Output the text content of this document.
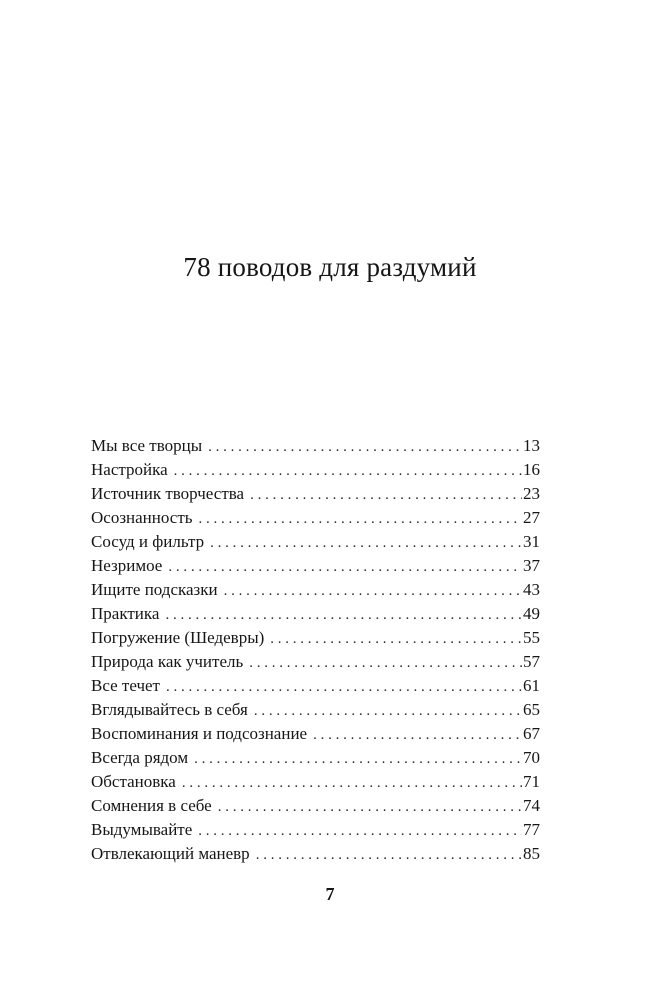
78 поводов для раздумий
Мы все творцы . . .	13
Настройка . . .	16
Источник творчества . . .	23
Осознанность . . .	27
Сосуд и фильтр . . .	31
Незримое . . .	37
Ищите подсказки . . .	43
Практика . . .	49
Погружение (Шедевры) . . .	55
Природа как учитель . . .	57
Все течет . . .	61
Вглядывайтесь в себя . . .	65
Воспоминания и подсознание . . .	67
Всегда рядом . . .	70
Обстановка . . .	71
Сомнения в себе . . .	74
Выдумывайте . . .	77
Отвлекающий маневр . . .	85
7
